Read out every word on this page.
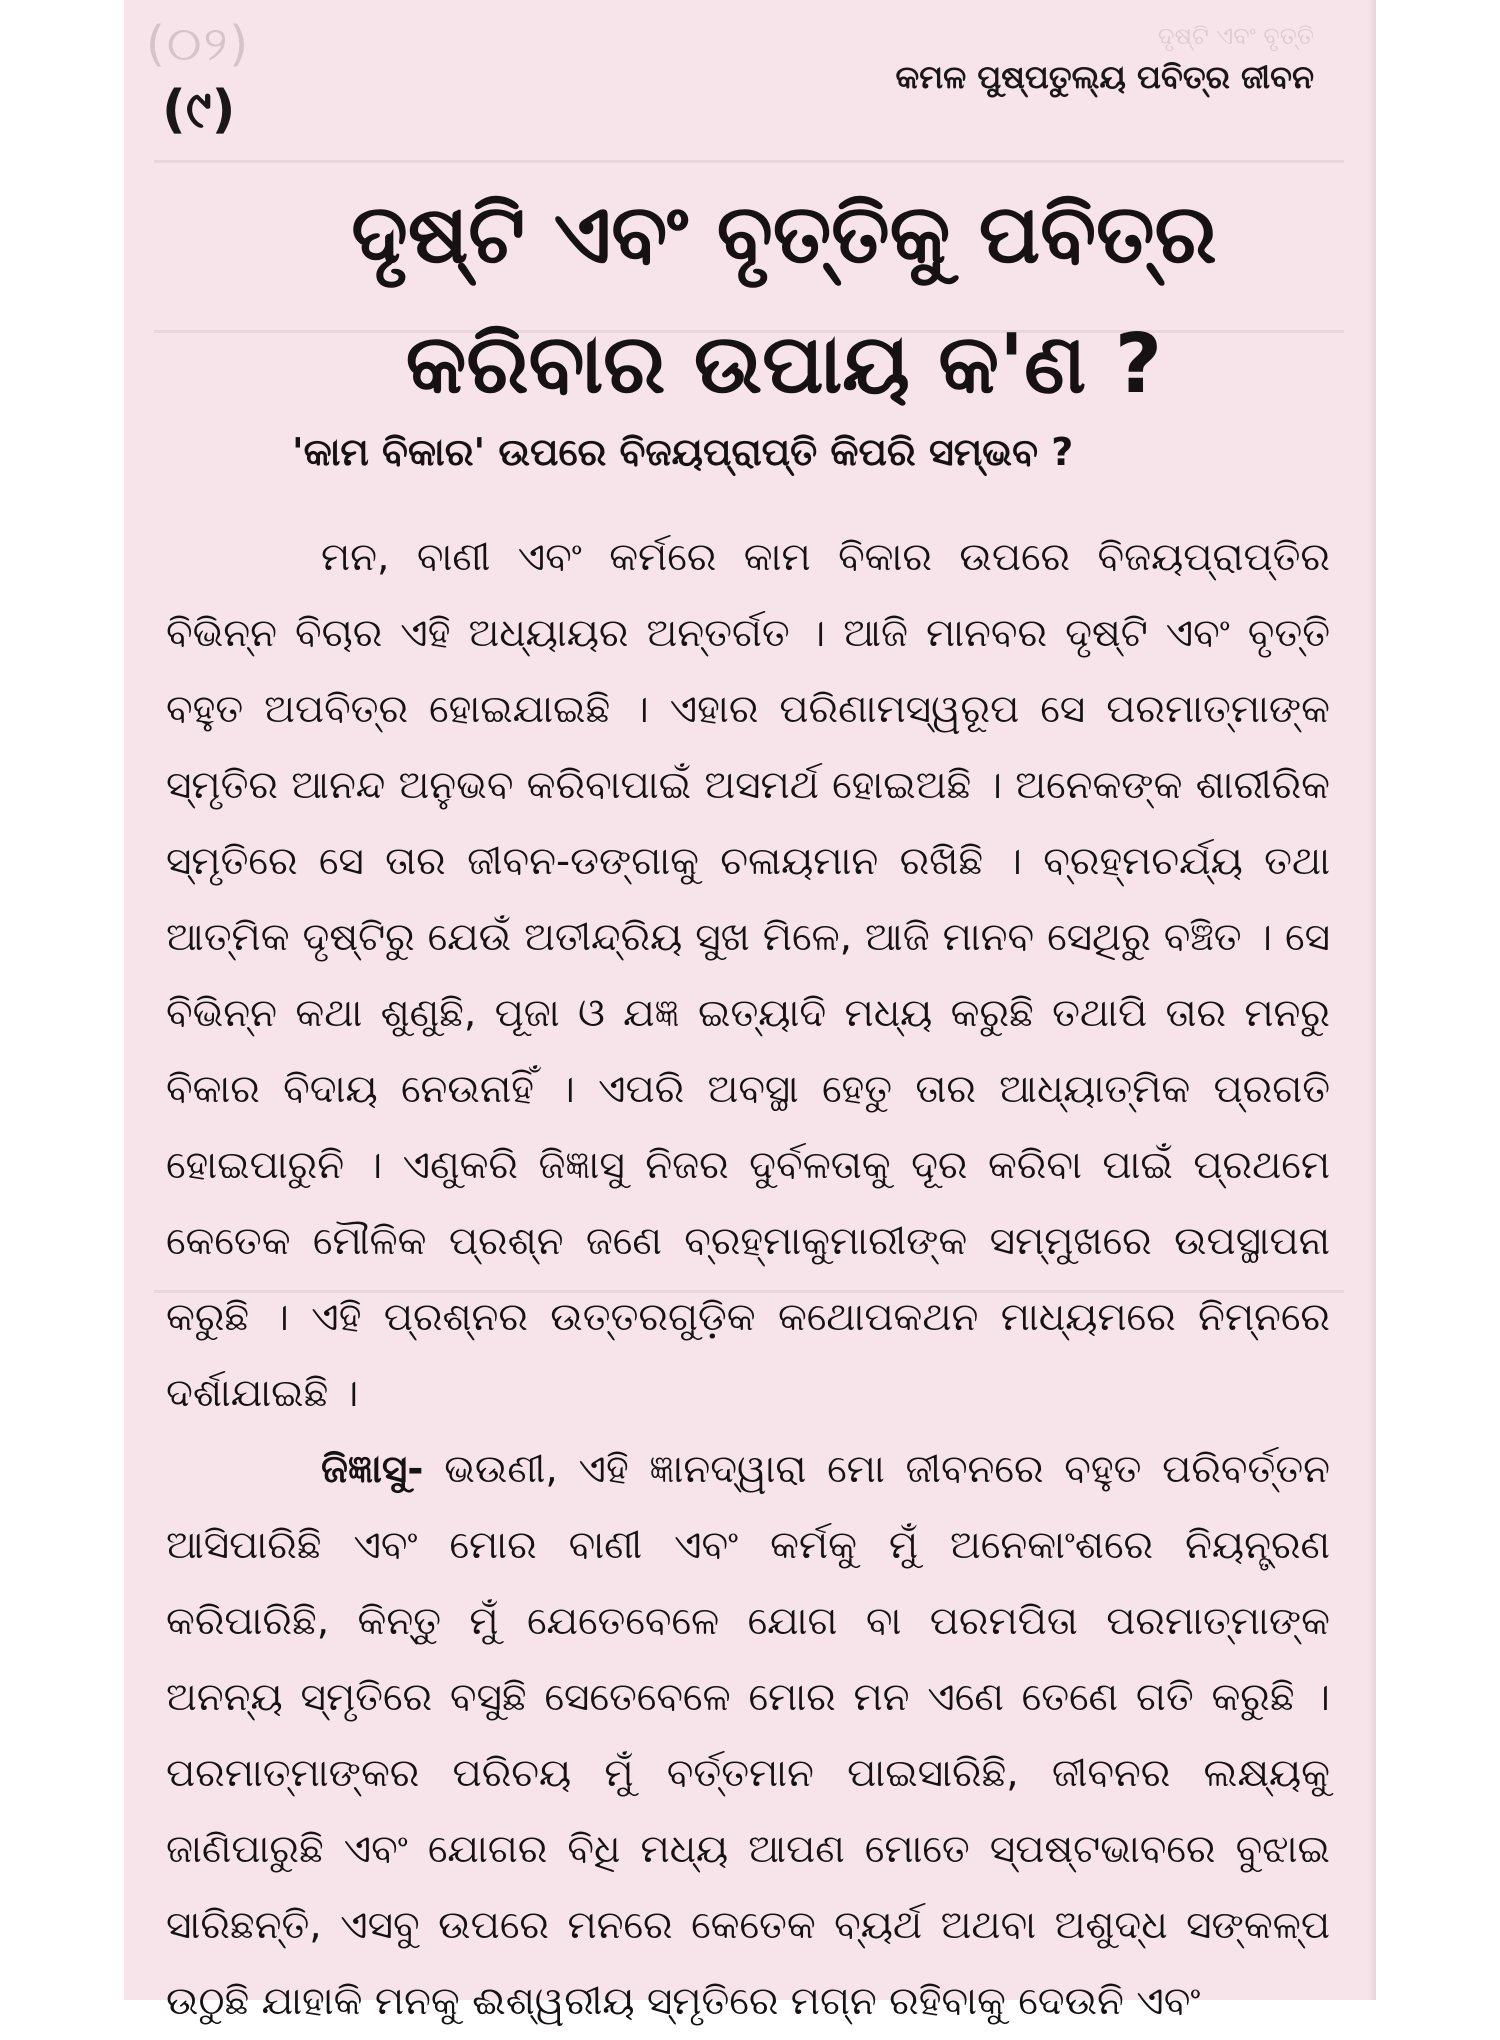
(୦୨)
(୯)
ଦୃଷ୍ଟି ଏବଂ ବୃତ୍ତି
କମଳ ପୁଷ୍ପତୁଲ୍ୟ ପବିତ୍ର ଜୀବନ
ଦୃଷ୍ଟି ଏବଂ ବୃତ୍ତିକୁ ପବିତ୍ର
କରିବାର ଉପାୟ କ'ଣ ?
'କାମ ବିକାର' ଉପରେ ବିଜୟପ୍ରାପ୍ତି କିପରି ସମ୍ଭବ ?

ମନ, ବାଣୀ ଏବଂ କର୍ମରେ କାମ ବିକାର ଉପରେ ବିଜୟପ୍ରାପ୍ତିର ବିଭିନ୍ନ ବିଚାର ଏହି ଅଧ୍ୟାୟର ଅନ୍ତର୍ଗତ । ଆଜି ମାନବର ଦୃଷ୍ଟି ଏବଂ ବୃତ୍ତି ବହୁତ ଅପବିତ୍ର ହୋଇଯାଇଛି । ଏହାର ପରିଣାମସ୍ୱରୂପ ସେ ପରମାତ୍ମାଙ୍କ ସ୍ମୃତିର ଆନନ୍ଦ ଅନୁଭବ କରିବାପାଇଁ ଅସମର୍ଥ ହୋଇଅଛି । ଅନେକଙ୍କ ଶାରୀରିକ ସ୍ମୃତିରେ ସେ ତାର ଜୀବନ-ଡଙ୍ଗାକୁ ଚଳାୟମାନ ରଖିଛି । ବ୍ରହ୍ମଚର୍ଯ୍ୟ ତଥା ଆତ୍ମିକ ଦୃଷ୍ଟିରୁ ଯେଉଁ ଅତୀନ୍ଦ୍ରିୟ ସୁଖ ମିଳେ, ଆଜି ମାନବ ସେଥିରୁ ବଞ୍ଚିତ । ସେ ବିଭିନ୍ନ କଥା ଶୁଣୁଛି, ପୂଜା ଓ ଯଜ୍ଞ ଇତ୍ୟାଦି ମଧ୍ୟ କରୁଛି ତଥାପି ତାର ମନରୁ ବିକାର ବିଦାୟ ନେଉନାହିଁ । ଏପରି ଅବସ୍ଥା ହେତୁ ତାର ଆଧ୍ୟାତ୍ମିକ ପ୍ରଗତି ହୋଇପାରୁନି । ଏଣୁକରି ଜିଜ୍ଞାସୁ ନିଜର ଦୁର୍ବଳତାକୁ ଦୂର କରିବା ପାଇଁ ପ୍ରଥମେ କେତେକ ମୌଳିକ ପ୍ରଶ୍ନ ଜଣେ ବ୍ରହ୍ମାକୁମାରୀଙ୍କ ସମ୍ମୁଖରେ ଉପସ୍ଥାପନା କରୁଛି । ଏହି ପ୍ରଶ୍ନର ଉତ୍ତରଗୁଡ଼ିକ କଥୋପକଥନ ମାଧ୍ୟମରେ ନିମ୍ନରେ ଦର୍ଶାଯାଇଛି ।

ଜିଜ୍ଞାସୁ- ଭଉଣୀ, ଏହି ଜ୍ଞାନଦ୍ୱାରା ମୋ ଜୀବନରେ ବହୁତ ପରିବର୍ତ୍ତନ ଆସିପାରିଛି ଏବଂ ମୋର ବାଣୀ ଏବଂ କର୍ମକୁ ମୁଁ ଅନେକାଂଶରେ ନିୟନ୍ତ୍ରଣ କରିପାରିଛି, କିନ୍ତୁ ମୁଁ ଯେତେବେଳେ ଯୋଗ ବା ପରମପିତା ପରମାତ୍ମାଙ୍କ ଅନନ୍ୟ ସ୍ମୃତିରେ ବସୁଛି ସେତେବେଳେ ମୋର ମନ ଏଣେ ତେଣେ ଗତି କରୁଛି । ପରମାତ୍ମାଙ୍କର ପରିଚୟ ମୁଁ ବର୍ତ୍ତମାନ ପାଇସାରିଛି, ଜୀବନର ଲକ୍ଷ୍ୟକୁ ଜାଣିପାରୁଛି ଏବଂ ଯୋଗର ବିଧି ମଧ୍ୟ ଆପଣ ମୋତେ ସ୍ପଷ୍ଟଭାବରେ ବୁଝାଇ ସାରିଛନ୍ତି, ଏସବୁ ଉପରେ ମନରେ କେତେକ ବ୍ୟର୍ଥ ଅଥବା ଅଶୁଦ୍ଧ ସଙ୍କଳ୍ପ ଉଠୁଛି ଯାହାକି ମନକୁ ଈଶ୍ୱରୀୟ ସ୍ମୃତିରେ ମଗ୍ନ ରହିବାକୁ ଦେଉନି ଏବଂ
